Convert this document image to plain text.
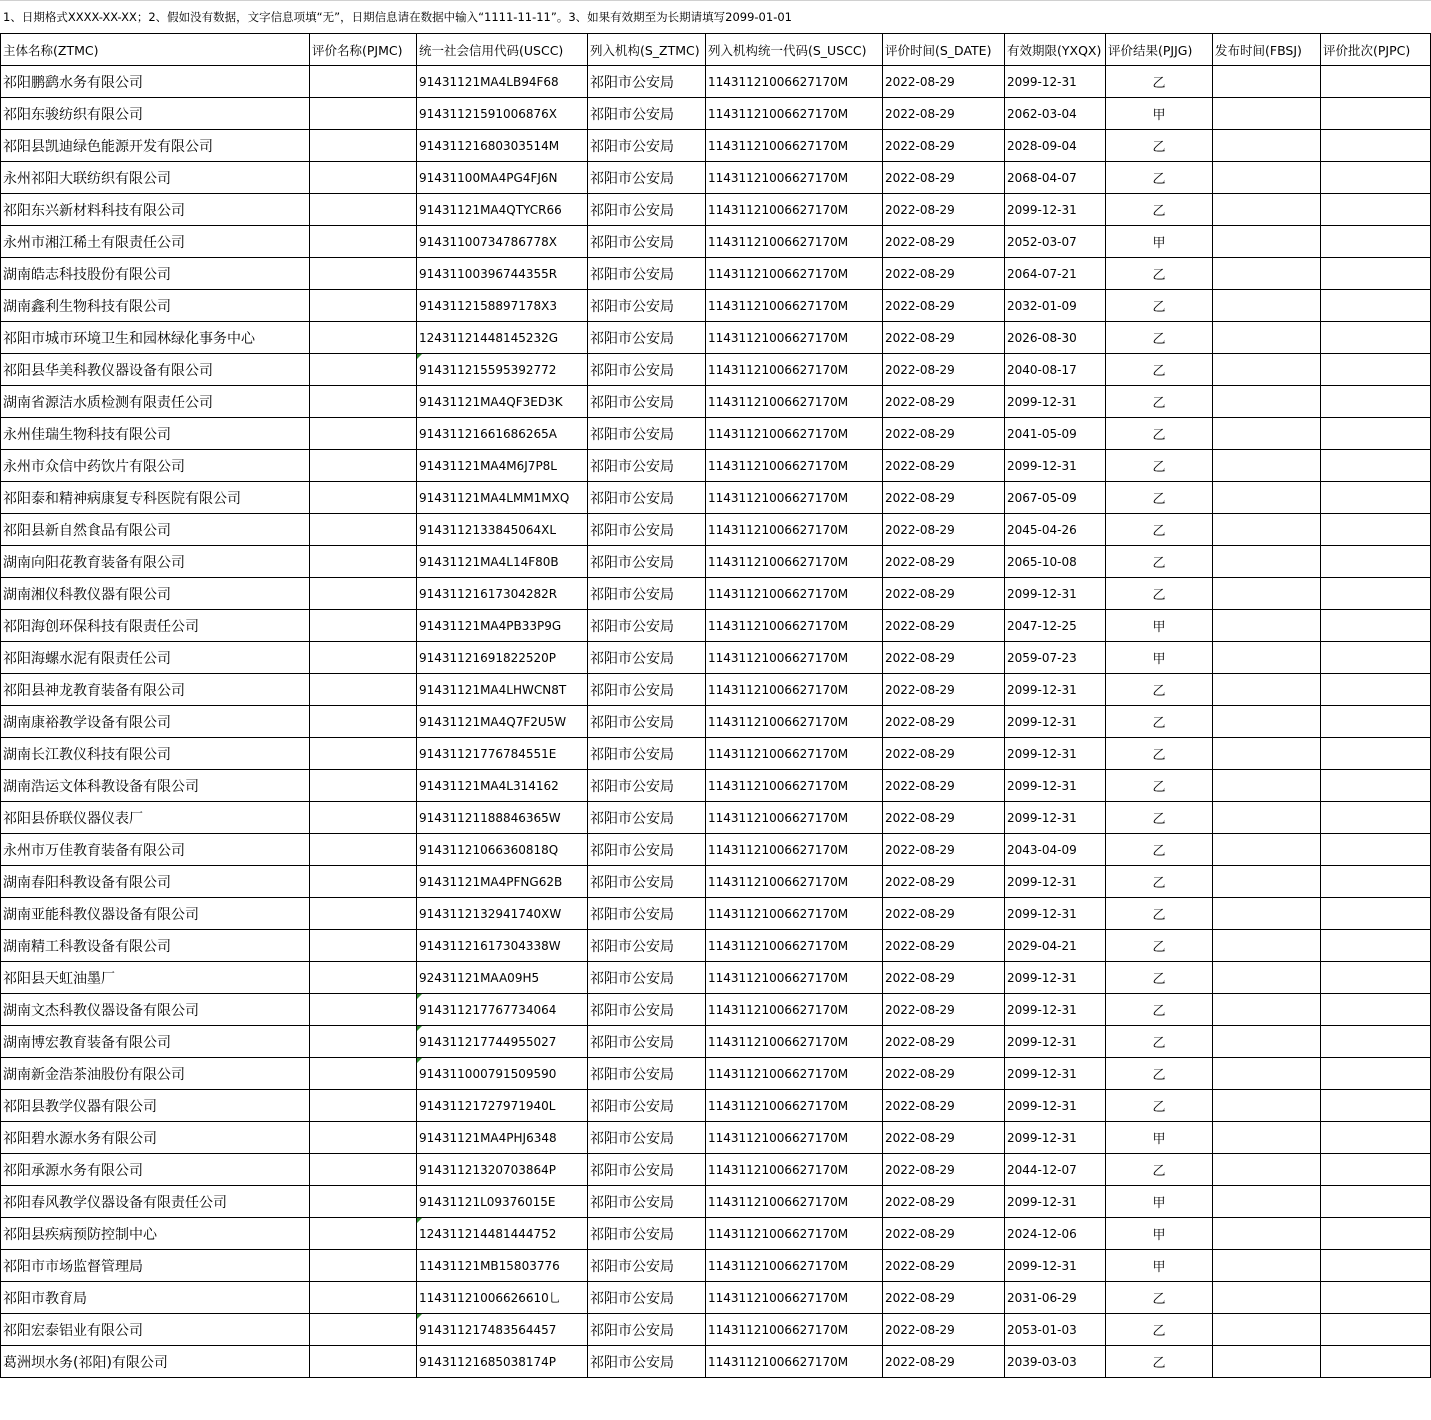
1、日期格式XXXX-XX-XX；2、假如没有数据，文字信息项填“无”，日期信息请在数据中输入“1111-11-11”。3、如果有效期至为长期请填写2099-01-01
主体名称(ZTMC)	评价名称(PJMC)	统一社会信用代码(USCC)	列入机构(S_ZTMC)	列入机构统一代码(S_USCC)	评价时间(S_DATE)	有效期限(YXQX)	评价结果(PJJG)	发布时间(FBSJ)	评价批次(PJPC)
祁阳鹏鹞水务有限公司		91431121MA4LB94F68	祁阳市公安局	11431121006627170M	2022-08-29	2099-12-31	乙		
祁阳东骏纺织有限公司		91431121591006876X	祁阳市公安局	11431121006627170M	2022-08-29	2062-03-04	甲		
祁阳县凯迪绿色能源开发有限公司		91431121680303514M	祁阳市公安局	11431121006627170M	2022-08-29	2028-09-04	乙		
永州祁阳大联纺织有限公司		91431100MA4PG4FJ6N	祁阳市公安局	11431121006627170M	2022-08-29	2068-04-07	乙		
祁阳东兴新材料科技有限公司		91431121MA4QTYCR66	祁阳市公安局	11431121006627170M	2022-08-29	2099-12-31	乙		
永州市湘江稀土有限责任公司		91431100734786778X	祁阳市公安局	11431121006627170M	2022-08-29	2052-03-07	甲		
湖南皓志科技股份有限公司		91431100396744355R	祁阳市公安局	11431121006627170M	2022-08-29	2064-07-21	乙		
湖南鑫利生物科技有限公司		9143112158897178X3	祁阳市公安局	11431121006627170M	2022-08-29	2032-01-09	乙		
祁阳市城市环境卫生和园林绿化事务中心		12431121448145232G	祁阳市公安局	11431121006627170M	2022-08-29	2026-08-30	乙		
祁阳县华美科教仪器设备有限公司		914311215595392772	祁阳市公安局	11431121006627170M	2022-08-29	2040-08-17	乙		
湖南省源洁水质检测有限责任公司		91431121MA4QF3ED3K	祁阳市公安局	11431121006627170M	2022-08-29	2099-12-31	乙		
永州佳瑞生物科技有限公司		91431121661686265A	祁阳市公安局	11431121006627170M	2022-08-29	2041-05-09	乙		
永州市众信中药饮片有限公司		91431121MA4M6J7P8L	祁阳市公安局	11431121006627170M	2022-08-29	2099-12-31	乙		
祁阳泰和精神病康复专科医院有限公司		91431121MA4LMM1MXQ	祁阳市公安局	11431121006627170M	2022-08-29	2067-05-09	乙		
祁阳县新自然食品有限公司		9143112133845064XL	祁阳市公安局	11431121006627170M	2022-08-29	2045-04-26	乙		
湖南向阳花教育装备有限公司		91431121MA4L14F80B	祁阳市公安局	11431121006627170M	2022-08-29	2065-10-08	乙		
湖南湘仪科教仪器有限公司		91431121617304282R	祁阳市公安局	11431121006627170M	2022-08-29	2099-12-31	乙		
祁阳海创环保科技有限责任公司		91431121MA4PB33P9G	祁阳市公安局	11431121006627170M	2022-08-29	2047-12-25	甲		
祁阳海螺水泥有限责任公司		91431121691822520P	祁阳市公安局	11431121006627170M	2022-08-29	2059-07-23	甲		
祁阳县神龙教育装备有限公司		91431121MA4LHWCN8T	祁阳市公安局	11431121006627170M	2022-08-29	2099-12-31	乙		
湖南康裕教学设备有限公司		91431121MA4Q7F2U5W	祁阳市公安局	11431121006627170M	2022-08-29	2099-12-31	乙		
湖南长江教仪科技有限公司		91431121776784551E	祁阳市公安局	11431121006627170M	2022-08-29	2099-12-31	乙		
湖南浩运文体科教设备有限公司		91431121MA4L314162	祁阳市公安局	11431121006627170M	2022-08-29	2099-12-31	乙		
祁阳县侨联仪器仪表厂		91431121188846365W	祁阳市公安局	11431121006627170M	2022-08-29	2099-12-31	乙		
永州市万佳教育装备有限公司		91431121066360818Q	祁阳市公安局	11431121006627170M	2022-08-29	2043-04-09	乙		
湖南春阳科教设备有限公司		91431121MA4PFNG62B	祁阳市公安局	11431121006627170M	2022-08-29	2099-12-31	乙		
湖南亚能科教仪器设备有限公司		9143112132941740XW	祁阳市公安局	11431121006627170M	2022-08-29	2099-12-31	乙		
湖南精工科教设备有限公司		91431121617304338W	祁阳市公安局	11431121006627170M	2022-08-29	2029-04-21	乙		
祁阳县天虹油墨厂		92431121MAA09H5	祁阳市公安局	11431121006627170M	2022-08-29	2099-12-31	乙		
湖南文杰科教仪器设备有限公司		914311217767734064	祁阳市公安局	11431121006627170M	2022-08-29	2099-12-31	乙		
湖南博宏教育装备有限公司		914311217744955027	祁阳市公安局	11431121006627170M	2022-08-29	2099-12-31	乙		
湖南新金浩茶油股份有限公司		914311000791509590	祁阳市公安局	11431121006627170M	2022-08-29	2099-12-31	乙		
祁阳县教学仪器有限公司		91431121727971940L	祁阳市公安局	11431121006627170M	2022-08-29	2099-12-31	乙		
祁阳碧水源水务有限公司		91431121MA4PHJ6348	祁阳市公安局	11431121006627170M	2022-08-29	2099-12-31	甲		
祁阳承源水务有限公司		91431121320703864P	祁阳市公安局	11431121006627170M	2022-08-29	2044-12-07	乙		
祁阳春风教学仪器设备有限责任公司		91431121L09376015E	祁阳市公安局	11431121006627170M	2022-08-29	2099-12-31	甲		
祁阳县疾病预防控制中心		124311214481444752	祁阳市公安局	11431121006627170M	2022-08-29	2024-12-06	甲		
祁阳市市场监督管理局		11431121MB15803776	祁阳市公安局	11431121006627170M	2022-08-29	2099-12-31	甲		
祁阳市教育局		11431121006626610乚	祁阳市公安局	11431121006627170M	2022-08-29	2031-06-29	乙		
祁阳宏泰铝业有限公司		914311217483564457	祁阳市公安局	11431121006627170M	2022-08-29	2053-01-03	乙		
葛洲坝水务(祁阳)有限公司		91431121685038174P	祁阳市公安局	11431121006627170M	2022-08-29	2039-03-03	乙		
